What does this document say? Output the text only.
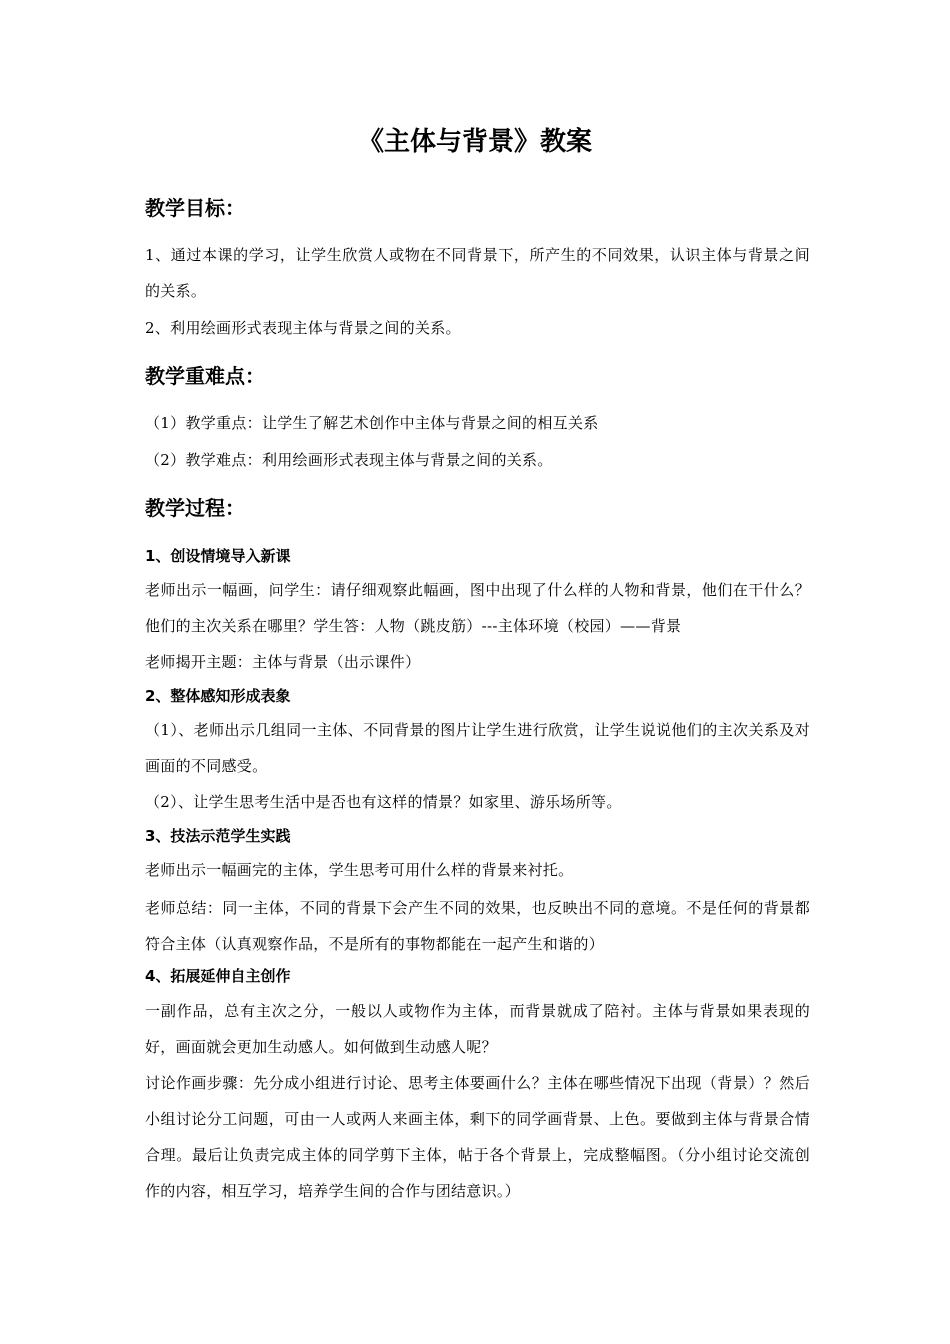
《主体与背景》教案
教学目标：

1、通过本课的学习，让学生欣赏人或物在不同背景下，所产生的不同效果，认识主体与背景之间的关系。

2、利用绘画形式表现主体与背景之间的关系。

教学重难点：

（1）教学重点：让学生了解艺术创作中主体与背景之间的相互关系

（2）教学难点：利用绘画形式表现主体与背景之间的关系。

教学过程：
1、创设情境导入新课

老师出示一幅画，问学生：请仔细观察此幅画，图中出现了什么样的人物和背景，他们在干什么？他们的主次关系在哪里？学生答：人物（跳皮筋）---主体环境（校园）——背景

老师揭开主题：主体与背景（出示课件）

2、整体感知形成表象

（1）、老师出示几组同一主体、不同背景的图片让学生进行欣赏，让学生说说他们的主次关系及对画面的不同感受。

（2）、让学生思考生活中是否也有这样的情景？如家里、游乐场所等。

3、技法示范学生实践

老师出示一幅画完的主体，学生思考可用什么样的背景来衬托。

老师总结：同一主体，不同的背景下会产生不同的效果，也反映出不同的意境。不是任何的背景都符合主体（认真观察作品，不是所有的事物都能在一起产生和谐的）

4、拓展延伸自主创作

一副作品，总有主次之分，一般以人或物作为主体，而背景就成了陪衬。主体与背景如果表现的好，画面就会更加生动感人。如何做到生动感人呢？

讨论作画步骤：先分成小组进行讨论、思考主体要画什么？主体在哪些情况下出现（背景）？然后小组讨论分工问题，可由一人或两人来画主体，剩下的同学画背景、上色。要做到主体与背景合情合理。最后让负责完成主体的同学剪下主体，帖于各个背景上，完成整幅图。（分小组讨论交流创作的内容，相互学习，培养学生间的合作与团结意识。）
